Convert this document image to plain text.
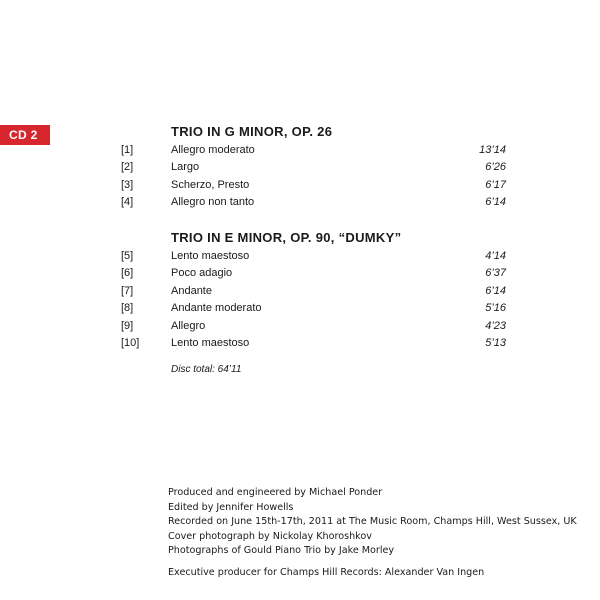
CD 2	TRIO IN G MINOR, OP. 26
[1]	Allegro moderato	13’14
[2]	Largo	6’26
[3]	Scherzo, Presto	6’17
[4]	Allegro non tanto	6’14
TRIO IN E MINOR, OP. 90, “DUMKY”
[5]	Lento maestoso	4’14
[6]	Poco adagio	6’37
[7]	Andante	6’14
[8]	Andante moderato	5’16
[9]	Allegro	4’23
[10]	Lento maestoso	5’13
Disc total: 64’11
Produced and engineered by Michael Ponder
Edited by Jennifer Howells
Recorded on June 15th-17th, 2011 at The Music Room, Champs Hill, West Sussex, UK
Cover photograph by Nickolay Khoroshkov
Photographs of Gould Piano Trio by Jake Morley
Executive producer for Champs Hill Records: Alexander Van Ingen
